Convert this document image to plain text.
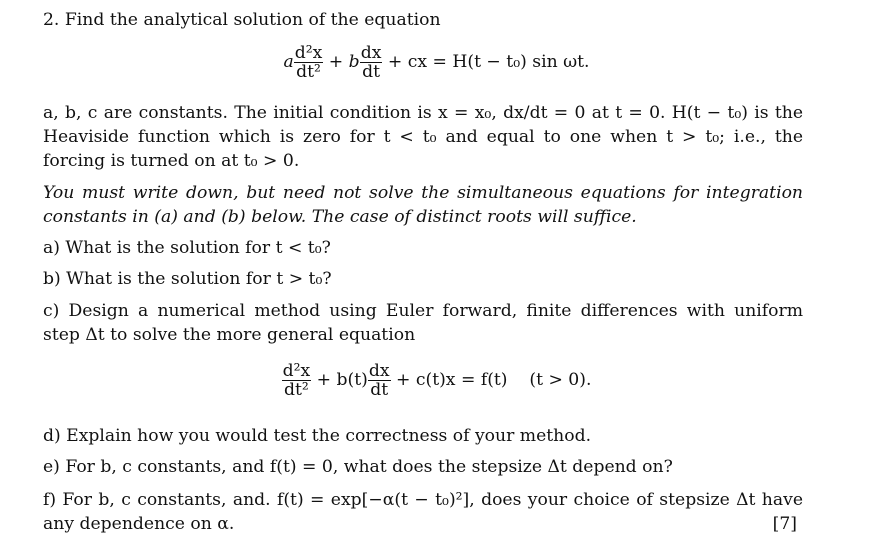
2. Find the analytical solution of the equation
a $\frac{\text{d²x}}{\text{dt²}} + b \frac{dx}{dt}$ + cx = H(t − t₀) sin ωt.
a, b, c are constants. The initial condition is x = x₀, dx/dt = 0 at t = 0. H(t − t₀) is the Heaviside function which is zero for t < t₀ and equal to one when t > t₀; i.e., the forcing is turned on at t₀ > 0.
You must write down, but need not solve the simultaneous equations for integration constants in (a) and (b) below. The case of distinct roots will suffice.
a) What is the solution for t < t₀?
b) What is the solution for t > t₀?
c) Design a numerical method using Euler forward, finite differences with uniform step Δt to solve the more general equation
$\frac{\text{d²x}}{\text{dt²}} + b(t) \frac{dx}{dt} + c(t)x = f(t)$    (t > 0).
d) Explain how you would test the correctness of your method.
e) For b, c constants, and f(t) = 0, what does the stepsize Δt depend on?
f) For b, c constants, and. f(t) = exp[−α(t − t₀)²], does your choice of stepsize Δt have any dependence on α.	[7]
